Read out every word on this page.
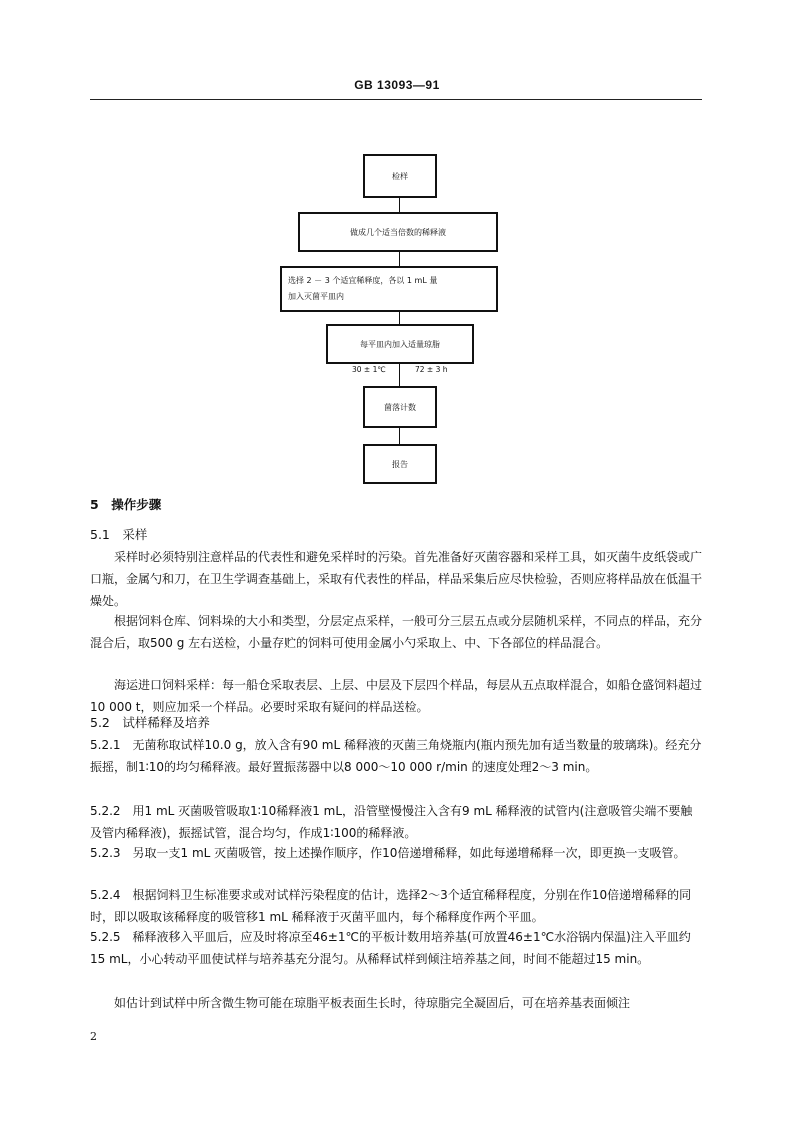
GB 13093—91
检样
做成几个适当倍数的稀释液
选择 2 － 3 个适宜稀释度，各以 1 mL 量
加入灭菌平皿内
每平皿内加入适量琼脂
30 ± 1℃	72 ± 3 h
菌落计数
报告
5　操作步骤
5.1　采样
采样时必须特别注意样品的代表性和避免采样时的污染。首先准备好灭菌容器和采样工具，如灭菌牛皮纸袋或广口瓶，金属勺和刀，在卫生学调查基础上，采取有代表性的样品，样品采集后应尽快检验，否则应将样品放在低温干燥处。
根据饲料仓库、饲料垛的大小和类型，分层定点采样，一般可分三层五点或分层随机采样，不同点的样品，充分混合后，取500 g 左右送检，小量存贮的饲料可使用金属小勺采取上、中、下各部位的样品混合。
海运进口饲料采样：每一船仓采取表层、上层、中层及下层四个样品，每层从五点取样混合，如船仓盛饲料超过10 000 t，则应加采一个样品。必要时采取有疑问的样品送检。
5.2　试样稀释及培养
5.2.1　无菌称取试样10.0 g，放入含有90 mL 稀释液的灭菌三角烧瓶内(瓶内预先加有适当数量的玻璃珠)。经充分振摇，制1∶10的均匀稀释液。最好置振荡器中以8 000～10 000 r/min 的速度处理2～3 min。
5.2.2　用1 mL 灭菌吸管吸取1∶10稀释液1 mL，沿管壁慢慢注入含有9 mL 稀释液的试管内(注意吸管尖端不要触及管内稀释液)，振摇试管，混合均匀，作成1∶100的稀释液。
5.2.3　另取一支1 mL 灭菌吸管，按上述操作顺序，作10倍递增稀释，如此每递增稀释一次，即更换一支吸管。
5.2.4　根据饲料卫生标准要求或对试样污染程度的估计，选择2～3个适宜稀释程度，分别在作10倍递增稀释的同时，即以吸取该稀释度的吸管移1 mL 稀释液于灭菌平皿内，每个稀释度作两个平皿。
5.2.5　稀释液移入平皿后，应及时将凉至46±1℃的平板计数用培养基(可放置46±1℃水浴锅内保温)注入平皿约15 mL，小心转动平皿使试样与培养基充分混匀。从稀释试样到倾注培养基之间，时间不能超过15 min。
如估计到试样中所含微生物可能在琼脂平板表面生长时，待琼脂完全凝固后，可在培养基表面倾注
2
